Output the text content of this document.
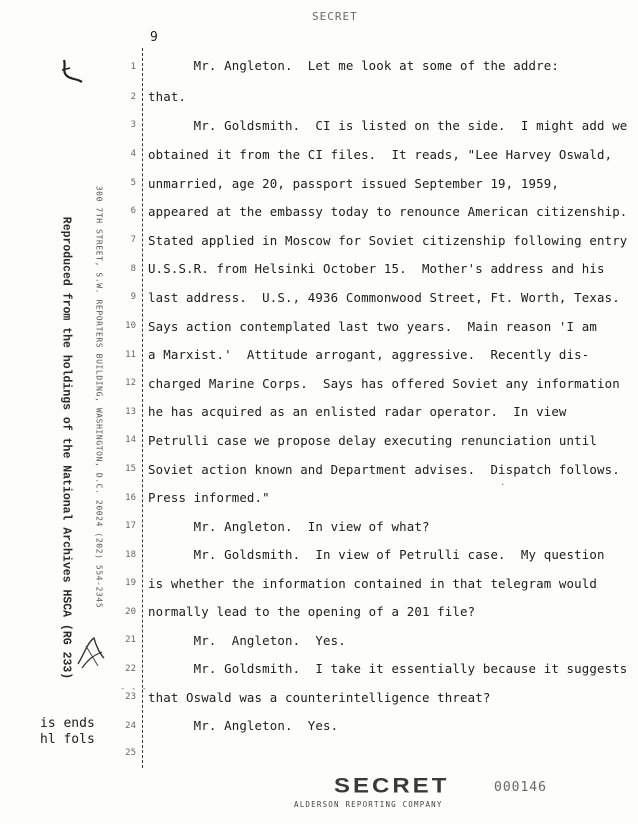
SECRET
9
Reproduced from the holdings of the National Archives HSCA (RG 233)	300 7TH STREET, S.W. REPORTERS BUILDING, WASHINGTON, D.C. 20024 (202) 554-2345
is ends
hl fols
1
2
3
4
5
6
7
8
9
10
11
12
13
14
15
16
17
18
19
20
21
22
23
24
25
Mr. Angleton.  Let me look at some of the addre:
that.
Mr. Goldsmith.  CI is listed on the side.  I might add we
obtained it from the CI files.  It reads, "Lee Harvey Oswald,
unmarried, age 20, passport issued September 19, 1959,
appeared at the embassy today to renounce American citizenship.
Stated applied in Moscow for Soviet citizenship following entry
U.S.S.R. from Helsinki October 15.  Mother's address and his
last address.  U.S., 4936 Commonwood Street, Ft. Worth, Texas.
Says action contemplated last two years.  Main reason 'I am
a Marxist.'  Attitude arrogant, aggressive.  Recently dis-
charged Marine Corps.  Says has offered Soviet any information
he has acquired as an enlisted radar operator.  In view
Petrulli case we propose delay executing renunciation until
Soviet action known and Department advises.  Dispatch follows.
Press informed."
Mr. Angleton.  In view of what?
Mr. Goldsmith.  In view of Petrulli case.  My question
is whether the information contained in that telegram would
normally lead to the opening of a 201 file?
Mr.  Angleton.  Yes.
Mr. Goldsmith.  I take it essentially because it suggests
that Oswald was a counterintelligence threat?
Mr. Angleton.  Yes.
.
- - -
SECRET
ALDERSON REPORTING COMPANY
000146
